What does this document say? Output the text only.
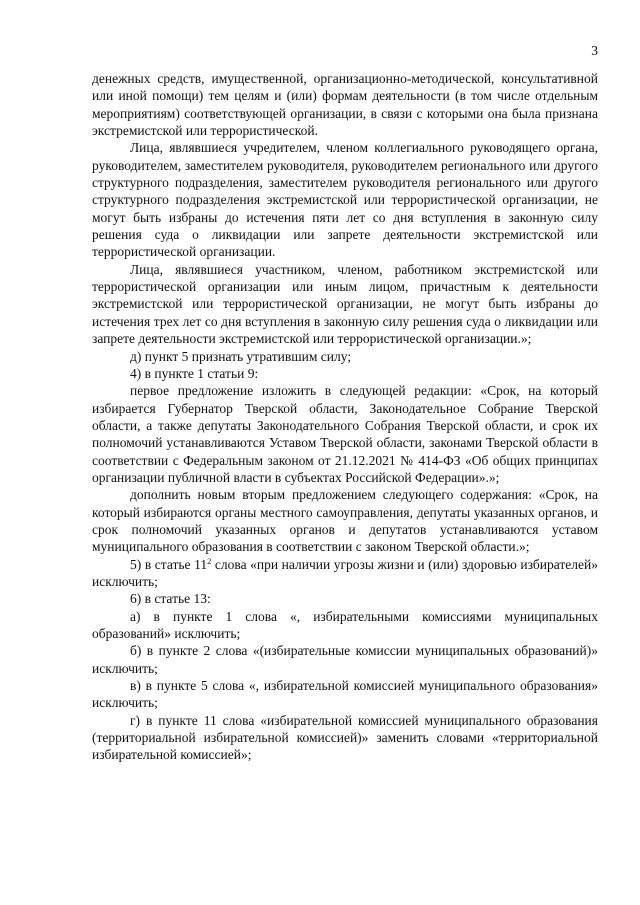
3

денежных средств, имущественной, организационно-методической, консультативной или иной помощи) тем целям и (или) формам деятельности (в том числе отдельным мероприятиям) соответствующей организации, в связи с которыми она была признана экстремистской или террористической.

Лица, являвшиеся учредителем, членом коллегиального руководящего органа, руководителем, заместителем руководителя, руководителем регионального или другого структурного подразделения, заместителем руководителя регионального или другого структурного подразделения экстремистской или террористической организации, не могут быть избраны до истечения пяти лет со дня вступления в законную силу решения суда о ликвидации или запрете деятельности экстремистской или террористической организации.

Лица, являвшиеся участником, членом, работником экстремистской или террористической организации или иным лицом, причастным к деятельности экстремистской или террористической организации, не могут быть избраны до истечения трех лет со дня вступления в законную силу решения суда о ликвидации или запрете деятельности экстремистской или террористической организации.»;

д) пункт 5 признать утратившим силу;

4) в пункте 1 статьи 9:

первое предложение изложить в следующей редакции: «Срок, на который избирается Губернатор Тверской области, Законодательное Собрание Тверской области, а также депутаты Законодательного Собрания Тверской области, и срок их полномочий устанавливаются Уставом Тверской области, законами Тверской области в соответствии с Федеральным законом от 21.12.2021 № 414-ФЗ «Об общих принципах организации публичной власти в субъектах Российской Федерации».»;

дополнить новым вторым предложением следующего содержания: «Срок, на который избираются органы местного самоуправления, депутаты указанных органов, и срок полномочий указанных органов и депутатов устанавливаются уставом муниципального образования в соответствии с законом Тверской области.»;

5) в статье $11^2$ слова «при наличии угрозы жизни и (или) здоровью избирателей» исключить;

6) в статье 13:

а) в пункте 1 слова «, избирательными комиссиями муниципальных образований» исключить;

б) в пункте 2 слова «(избирательные комиссии муниципальных образований)» исключить;

в) в пункте 5 слова «, избирательной комиссией муниципального образования» исключить;

г) в пункте 11 слова «избирательной комиссией муниципального образования (территориальной избирательной комиссией)» заменить словами «территориальной избирательной комиссией»;
